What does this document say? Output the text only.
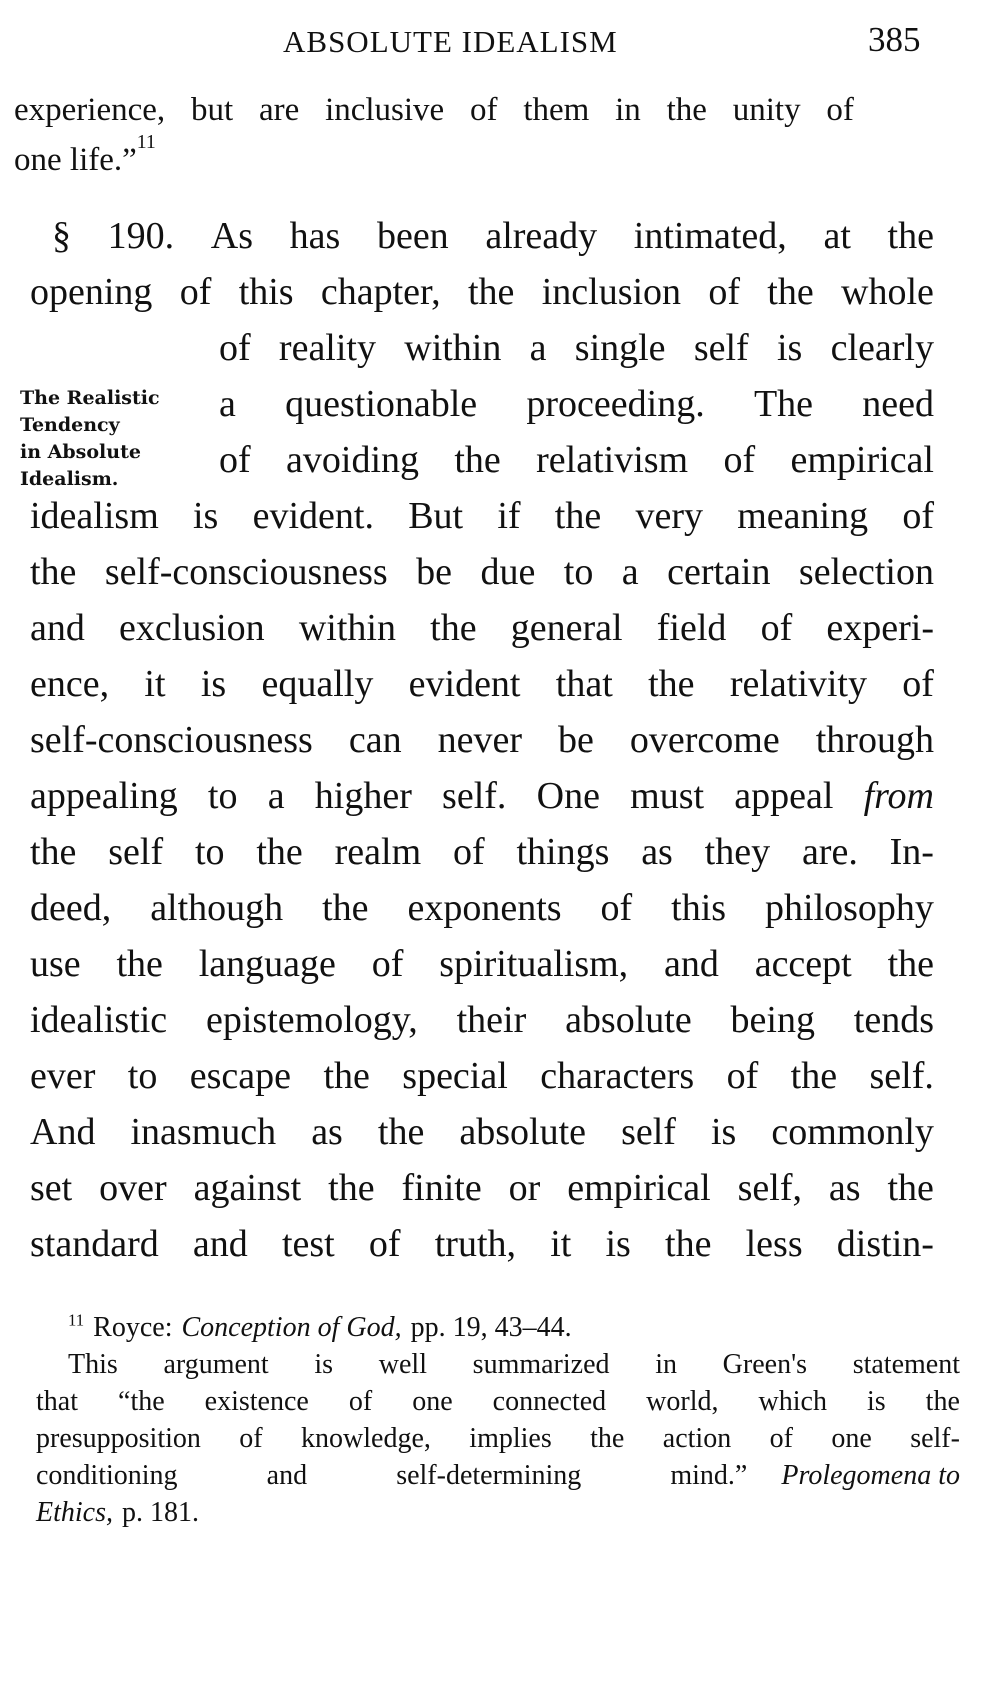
ABSOLUTE IDEALISM	385
experience, but are inclusive of them in the unity of
one life.” 11
The Realistic
Tendency
in Absolute
Idealism.
§ 190. As has been already intimated, at the
opening of this chapter, the inclusion of the whole
of reality within a single self is clearly
a questionable proceeding. The need
of avoiding the relativism of empirical
idealism is evident. But if the very meaning of
the self-consciousness be due to a certain selection
and exclusion within the general field of experi-
ence, it is equally evident that the relativity of
self-consciousness can never be overcome through
appealing to a higher self. One must appeal from
the self to the realm of things as they are. In-
deed, although the exponents of this philosophy
use the language of spiritualism, and accept the
idealistic epistemology, their absolute being tends
ever to escape the special characters of the self.
And inasmuch as the absolute self is commonly
set over against the finite or empirical self, as the
standard and test of truth, it is the less distin-
$^{11}$ Royce: Conception of God, pp. 19, 43–44.
This argument is well summarized in Green's statement
that “the existence of one connected world, which is the
presupposition of knowledge, implies the action of one self-
conditioning	and	self-determining	mind.” Prolegomena to
Ethics, p. 181.
